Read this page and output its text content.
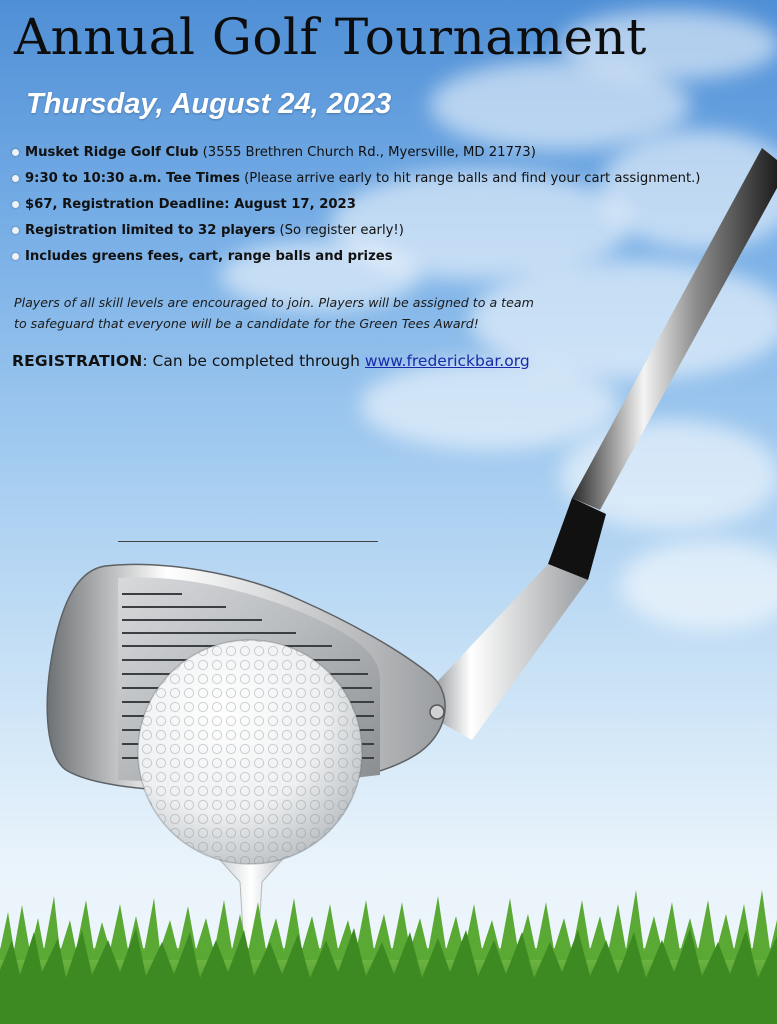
Annual Golf Tournament
Thursday, August 24, 2023
Musket Ridge Golf Club (3555 Brethren Church Rd., Myersville, MD 21773)
9:30 to 10:30 a.m. Tee Times (Please arrive early to hit range balls and find your cart assignment.)
$67, Registration Deadline: August 17, 2023
Registration limited to 32 players (So register early!)
Includes greens fees, cart, range balls and prizes

Players of all skill levels are encouraged to join. Players will be assigned to a team
to safeguard that everyone will be a candidate for the Green Tees Award!

REGISTRATION: Can be completed through www.frederickbar.org
